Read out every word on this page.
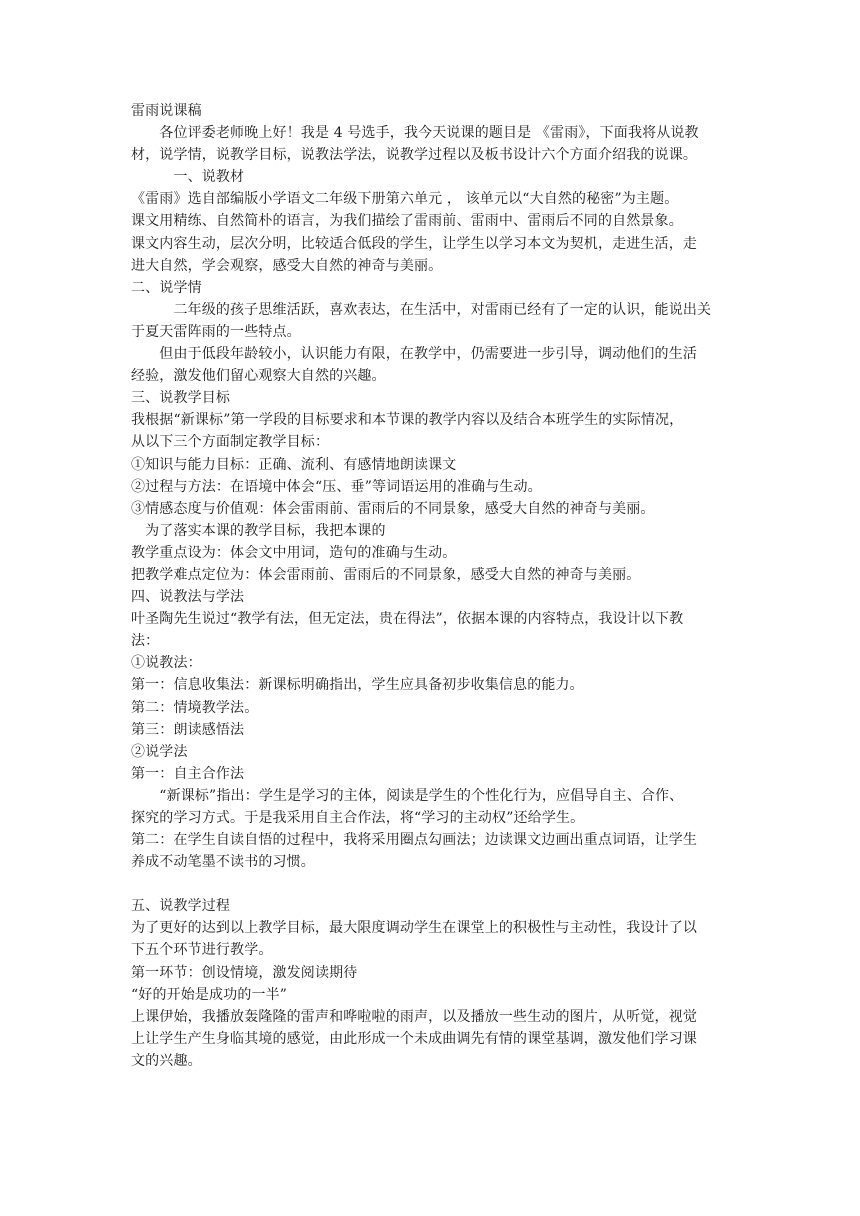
雷雨说课稿
　　各位评委老师晚上好！我是 4 号选手，我今天说课的题目是 《雷雨》，下面我将从说教
材，说学情，说教学目标，说教法学法，说教学过程以及板书设计六个方面介绍我的说课。
　　　一、说教材
《雷雨》选自部编版小学语文二年级下册第六单元 ， 该单元以“大自然的秘密”为主题。
课文用精练、自然简朴的语言，为我们描绘了雷雨前、雷雨中、雷雨后不同的自然景象。
课文内容生动，层次分明，比较适合低段的学生，让学生以学习本文为契机，走进生活，走
进大自然，学会观察，感受大自然的神奇与美丽。
二、说学情
　　　二年级的孩子思维活跃，喜欢表达，在生活中，对雷雨已经有了一定的认识，能说出关
于夏天雷阵雨的一些特点。
　　但由于低段年龄较小，认识能力有限，在教学中，仍需要进一步引导，调动他们的生活
经验，激发他们留心观察大自然的兴趣。
三、说教学目标
我根据“新课标”第一学段的目标要求和本节课的教学内容以及结合本班学生的实际情况，
从以下三个方面制定教学目标：
①知识与能力目标：正确、流利、有感情地朗读课文
②过程与方法：在语境中体会“压、垂”等词语运用的准确与生动。
③情感态度与价值观：体会雷雨前、雷雨后的不同景象，感受大自然的神奇与美丽。
　为了落实本课的教学目标，我把本课的
教学重点设为：体会文中用词，造句的准确与生动。
把教学难点定位为：体会雷雨前、雷雨后的不同景象，感受大自然的神奇与美丽。
四、说教法与学法
叶圣陶先生说过“教学有法，但无定法，贵在得法”，依据本课的内容特点，我设计以下教
法：
①说教法：
第一：信息收集法：新课标明确指出，学生应具备初步收集信息的能力。
第二：情境教学法。
第三：朗读感悟法
②说学法
第一：自主合作法
　　“新课标”指出：学生是学习的主体，阅读是学生的个性化行为，应倡导自主、合作、
探究的学习方式。于是我采用自主合作法，将“学习的主动权”还给学生。
第二：在学生自读自悟的过程中，我将采用圈点勾画法；边读课文边画出重点词语，让学生
养成不动笔墨不读书的习惯。
五、说教学过程
为了更好的达到以上教学目标，最大限度调动学生在课堂上的积极性与主动性，我设计了以
下五个环节进行教学。
第一环节：创设情境，激发阅读期待
“好的开始是成功的一半”
上课伊始，我播放轰隆隆的雷声和哗啦啦的雨声，以及播放一些生动的图片，从听觉，视觉
上让学生产生身临其境的感觉，由此形成一个未成曲调先有情的课堂基调，激发他们学习课
文的兴趣。
